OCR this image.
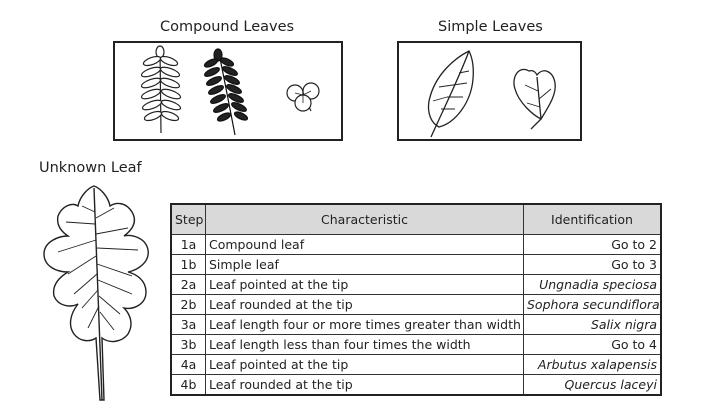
Compound Leaves	Simple Leaves
Unknown Leaf
Step	Characteristic	Identification
1a	Compound leaf	Go to 2
1b	Simple leaf	Go to 3
2a	Leaf pointed at the tip	Ungnadia speciosa
2b	Leaf rounded at the tip	Sophora secundiflora
3a	Leaf length four or more times greater than width	Salix nigra
3b	Leaf length less than four times the width	Go to 4
4a	Leaf pointed at the tip	Arbutus xalapensis
4b	Leaf rounded at the tip	Quercus laceyi
